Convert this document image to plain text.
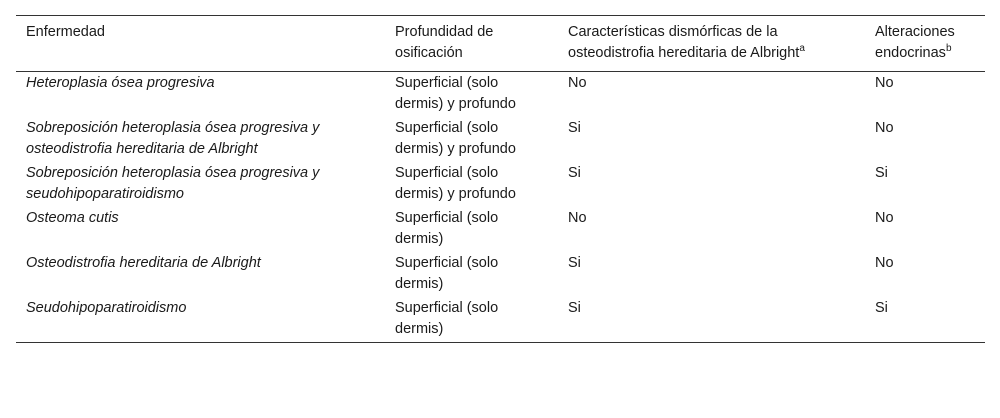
Enfermedad	Profundidad de osificación	Características dismórficas de la osteodistrofia hereditaria de Albright$^a$	Alteraciones endocrinas$^b$
Heteroplasia ósea progresiva	Superficial (solo dermis) y profundo	No	No
Sobreposición heteroplasia ósea progresiva y osteodistrofia hereditaria de Albright	Superficial (solo dermis) y profundo	Si	No
Sobreposición heteroplasia ósea progresiva y seudohipoparatiroidismo	Superficial (solo dermis) y profundo	Si	Si
Osteoma cutis	Superficial (solo dermis)	No	No
Osteodistrofia hereditaria de Albright	Superficial (solo dermis)	Si	No
Seudohipoparatiroidismo	Superficial (solo dermis)	Si	Si
